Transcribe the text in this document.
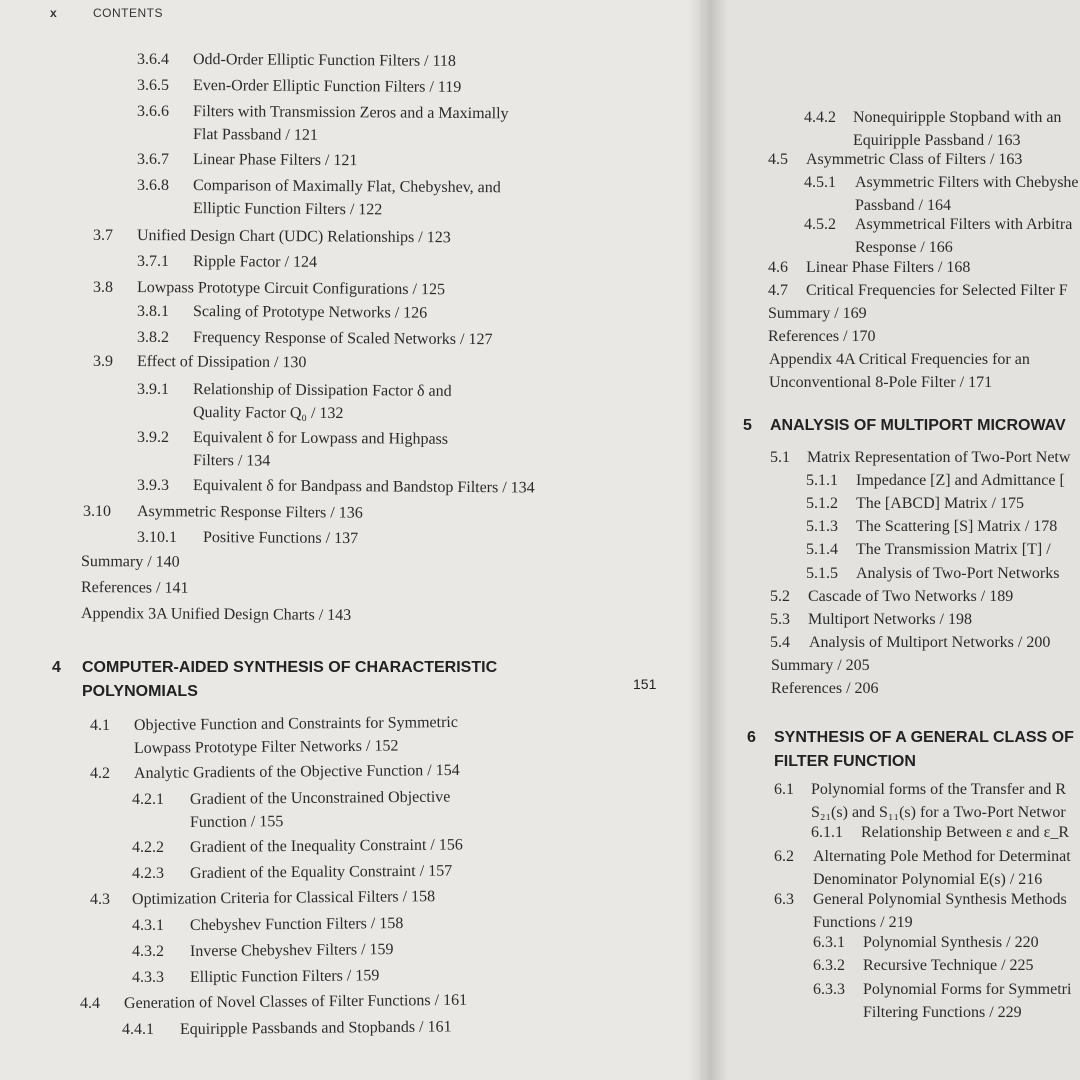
x	CONTENTS
3.6.4 Odd-Order Elliptic Function Filters / 118
3.6.5 Even-Order Elliptic Function Filters / 119
3.6.6 Filters with Transmission Zeros and a Maximally
Flat Passband / 121
3.6.7 Linear Phase Filters / 121
3.6.8 Comparison of Maximally Flat, Chebyshev, and
Elliptic Function Filters / 122
3.7 Unified Design Chart (UDC) Relationships / 123
3.7.1 Ripple Factor / 124
3.8 Lowpass Prototype Circuit Configurations / 125
3.8.1 Scaling of Prototype Networks / 126
3.8.2 Frequency Response of Scaled Networks / 127
3.9 Effect of Dissipation / 130
3.9.1 Relationship of Dissipation Factor δ and
Quality Factor Q₀ / 132
3.9.2 Equivalent δ for Lowpass and Highpass
Filters / 134
3.9.3 Equivalent δ for Bandpass and Bandstop Filters / 134
3.10 Asymmetric Response Filters / 136
3.10.1 Positive Functions / 137
Summary / 140
References / 141
Appendix 3A Unified Design Charts / 143
4 COMPUTER-AIDED SYNTHESIS OF CHARACTERISTIC
POLYNOMIALS	151
4.1 Objective Function and Constraints for Symmetric
Lowpass Prototype Filter Networks / 152
4.2 Analytic Gradients of the Objective Function / 154
4.2.1 Gradient of the Unconstrained Objective
Function / 155
4.2.2 Gradient of the Inequality Constraint / 156
4.2.3 Gradient of the Equality Constraint / 157
4.3 Optimization Criteria for Classical Filters / 158
4.3.1 Chebyshev Function Filters / 158
4.3.2 Inverse Chebyshev Filters / 159
4.3.3 Elliptic Function Filters / 159
4.4 Generation of Novel Classes of Filter Functions / 161
4.4.1 Equiripple Passbands and Stopbands / 161
4.4.2 Nonequiripple Stopband with an
Equiripple Passband / 163
4.5 Asymmetric Class of Filters / 163
4.5.1 Asymmetric Filters with Chebyshe
Passband / 164
4.5.2 Asymmetrical Filters with Arbitra
Response / 166
4.6 Linear Phase Filters / 168
4.7 Critical Frequencies for Selected Filter F
Summary / 169
References / 170
Appendix 4A Critical Frequencies for an
Unconventional 8-Pole Filter / 171
5 ANALYSIS OF MULTIPORT MICROWAV
5.1 Matrix Representation of Two-Port Netw
5.1.1 Impedance [Z] and Admittance [
5.1.2 The [ABCD] Matrix / 175
5.1.3 The Scattering [S] Matrix / 178
5.1.4 The Transmission Matrix [T] /
5.1.5 Analysis of Two-Port Networks
5.2 Cascade of Two Networks / 189
5.3 Multiport Networks / 198
5.4 Analysis of Multiport Networks / 200
Summary / 205
References / 206
6 SYNTHESIS OF A GENERAL CLASS OF
FILTER FUNCTION
6.1 Polynomial forms of the Transfer and R
S₂₁(s) and S₁₁(s) for a Two-Port Networ
6.1.1 Relationship Between ε and ε_R
6.2 Alternating Pole Method for Determinat
Denominator Polynomial E(s) / 216
6.3 General Polynomial Synthesis Methods
Functions / 219
6.3.1 Polynomial Synthesis / 220
6.3.2 Recursive Technique / 225
6.3.3 Polynomial Forms for Symmetri
Filtering Functions / 229
